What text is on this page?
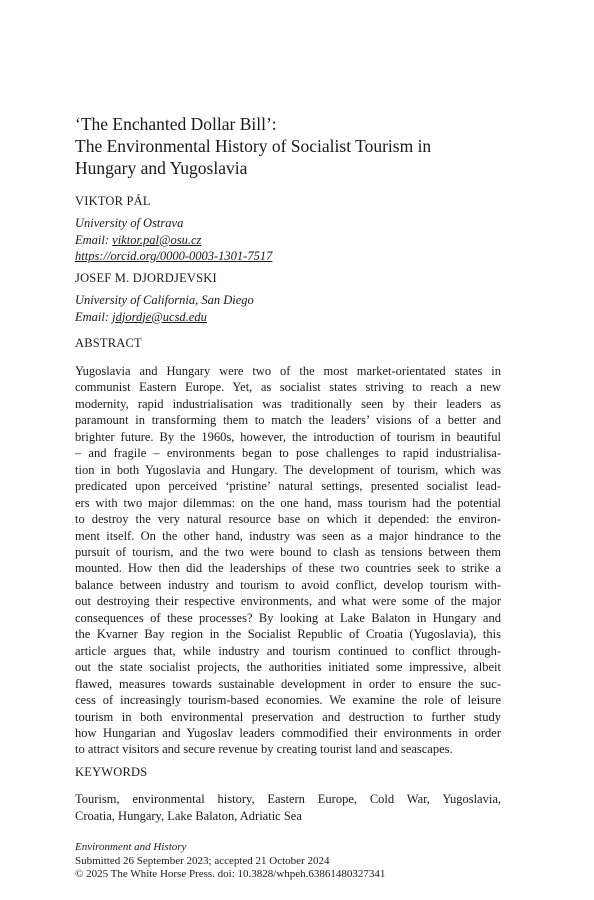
‘The Enchanted Dollar Bill’:
The Environmental History of Socialist Tourism in
Hungary and Yugoslavia
VIKTOR PÁL
University of Ostrava
Email: viktor.pal@osu.cz
https://orcid.org/0000-0003-1301-7517
JOSEF M. DJORDJEVSKI
University of California, San Diego
Email: jdjordje@ucsd.edu
ABSTRACT
Yugoslavia and Hungary were two of the most market-orientated states in
communist Eastern Europe. Yet, as socialist states striving to reach a new
modernity, rapid industrialisation was traditionally seen by their leaders as
paramount in transforming them to match the leaders’ visions of a better and
brighter future. By the 1960s, however, the introduction of tourism in beautiful
– and fragile – environments began to pose challenges to rapid industrialisa-
tion in both Yugoslavia and Hungary. The development of tourism, which was
predicated upon perceived ‘pristine’ natural settings, presented socialist lead-
ers with two major dilemmas: on the one hand, mass tourism had the potential
to destroy the very natural resource base on which it depended: the environ-
ment itself. On the other hand, industry was seen as a major hindrance to the
pursuit of tourism, and the two were bound to clash as tensions between them
mounted. How then did the leaderships of these two countries seek to strike a
balance between industry and tourism to avoid conflict, develop tourism with-
out destroying their respective environments, and what were some of the major
consequences of these processes? By looking at Lake Balaton in Hungary and
the Kvarner Bay region in the Socialist Republic of Croatia (Yugoslavia), this
article argues that, while industry and tourism continued to conflict through-
out the state socialist projects, the authorities initiated some impressive, albeit
flawed, measures towards sustainable development in order to ensure the suc-
cess of increasingly tourism-based economies. We examine the role of leisure
tourism in both environmental preservation and destruction to further study
how Hungarian and Yugoslav leaders commodified their environments in order
to attract visitors and secure revenue by creating tourist land and seascapes.
KEYWORDS
Tourism, environmental history, Eastern Europe, Cold War, Yugoslavia,
Croatia, Hungary, Lake Balaton, Adriatic Sea
Environment and History
Submitted 26 September 2023; accepted 21 October 2024
© 2025 The White Horse Press. doi: 10.3828/whpeh.63861480327341
